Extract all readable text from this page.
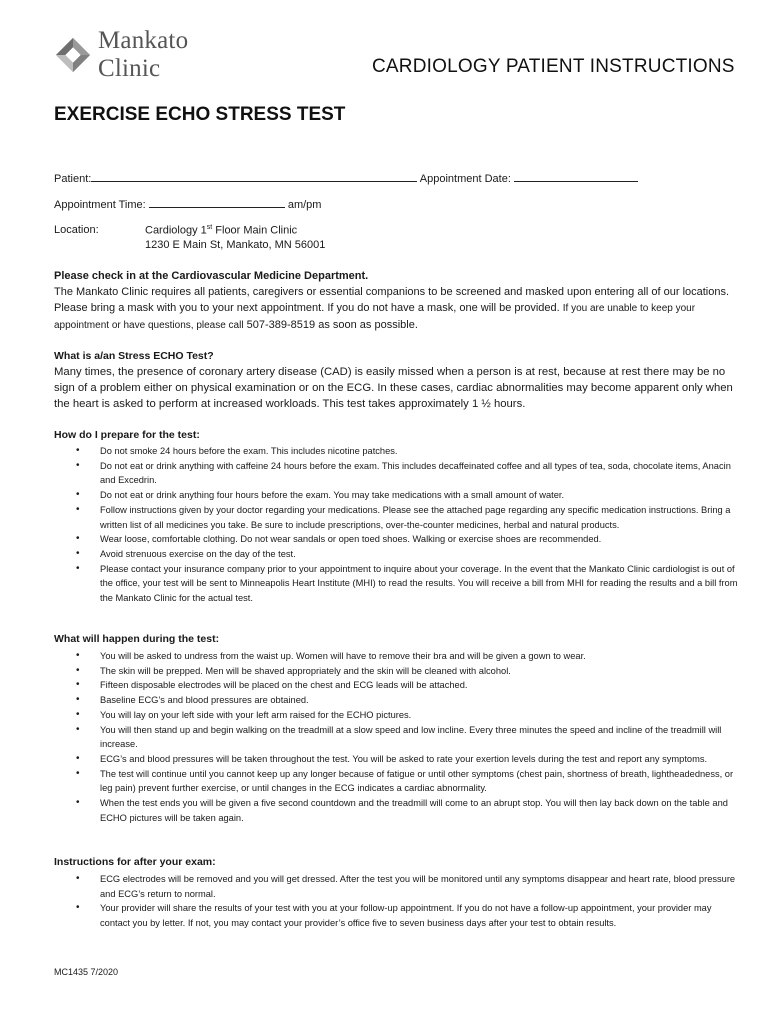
Mankato Clinic	CARDIOLOGY PATIENT INSTRUCTIONS
EXERCISE ECHO STRESS TEST
Patient:	Appointment Date:
Appointment Time:	am/pm
Location:	Cardiology 1st Floor Main Clinic
1230 E Main St, Mankato, MN 56001
Please check in at the Cardiovascular Medicine Department.
The Mankato Clinic requires all patients, caregivers or essential companions to be screened and masked upon entering all of our locations. Please bring a mask with you to your next appointment. If you do not have a mask, one will be provided. If you are unable to keep your appointment or have questions, please call 507-389-8519 as soon as possible.
What is a/an Stress ECHO Test?
Many times, the presence of coronary artery disease (CAD) is easily missed when a person is at rest, because at rest there may be no sign of a problem either on physical examination or on the ECG. In these cases, cardiac abnormalities may become apparent only when the heart is asked to perform at increased workloads. This test takes approximately 1 ½ hours.
How do I prepare for the test:
• Do not smoke 24 hours before the exam. This includes nicotine patches.
• Do not eat or drink anything with caffeine 24 hours before the exam. This includes decaffeinated coffee and all types of tea, soda, chocolate items, Anacin and Excedrin.
• Do not eat or drink anything four hours before the exam. You may take medications with a small amount of water.
• Follow instructions given by your doctor regarding your medications. Please see the attached page regarding any specific medication instructions. Bring a written list of all medicines you take. Be sure to include prescriptions, over-the-counter medicines, herbal and natural products.
• Wear loose, comfortable clothing. Do not wear sandals or open toed shoes. Walking or exercise shoes are recommended.
• Avoid strenuous exercise on the day of the test.
• Please contact your insurance company prior to your appointment to inquire about your coverage. In the event that the Mankato Clinic cardiologist is out of the office, your test will be sent to Minneapolis Heart Institute (MHI) to read the results. You will receive a bill from MHI for reading the results and a bill from the Mankato Clinic for the actual test.
What will happen during the test:
• You will be asked to undress from the waist up. Women will have to remove their bra and will be given a gown to wear.
• The skin will be prepped. Men will be shaved appropriately and the skin will be cleaned with alcohol.
• Fifteen disposable electrodes will be placed on the chest and ECG leads will be attached.
• Baseline ECG’s and blood pressures are obtained.
• You will lay on your left side with your left arm raised for the ECHO pictures.
• You will then stand up and begin walking on the treadmill at a slow speed and low incline. Every three minutes the speed and incline of the treadmill will increase.
• ECG’s and blood pressures will be taken throughout the test. You will be asked to rate your exertion levels during the test and report any symptoms.
• The test will continue until you cannot keep up any longer because of fatigue or until other symptoms (chest pain, shortness of breath, lightheadedness, or leg pain) prevent further exercise, or until changes in the ECG indicates a cardiac abnormality.
• When the test ends you will be given a five second countdown and the treadmill will come to an abrupt stop. You will then lay back down on the table and ECHO pictures will be taken again.
Instructions for after your exam:
• ECG electrodes will be removed and you will get dressed. After the test you will be monitored until any symptoms disappear and heart rate, blood pressure and ECG’s return to normal.
• Your provider will share the results of your test with you at your follow-up appointment. If you do not have a follow-up appointment, your provider may contact you by letter. If not, you may contact your provider’s office five to seven business days after your test to obtain results.
MC1435 7/2020
